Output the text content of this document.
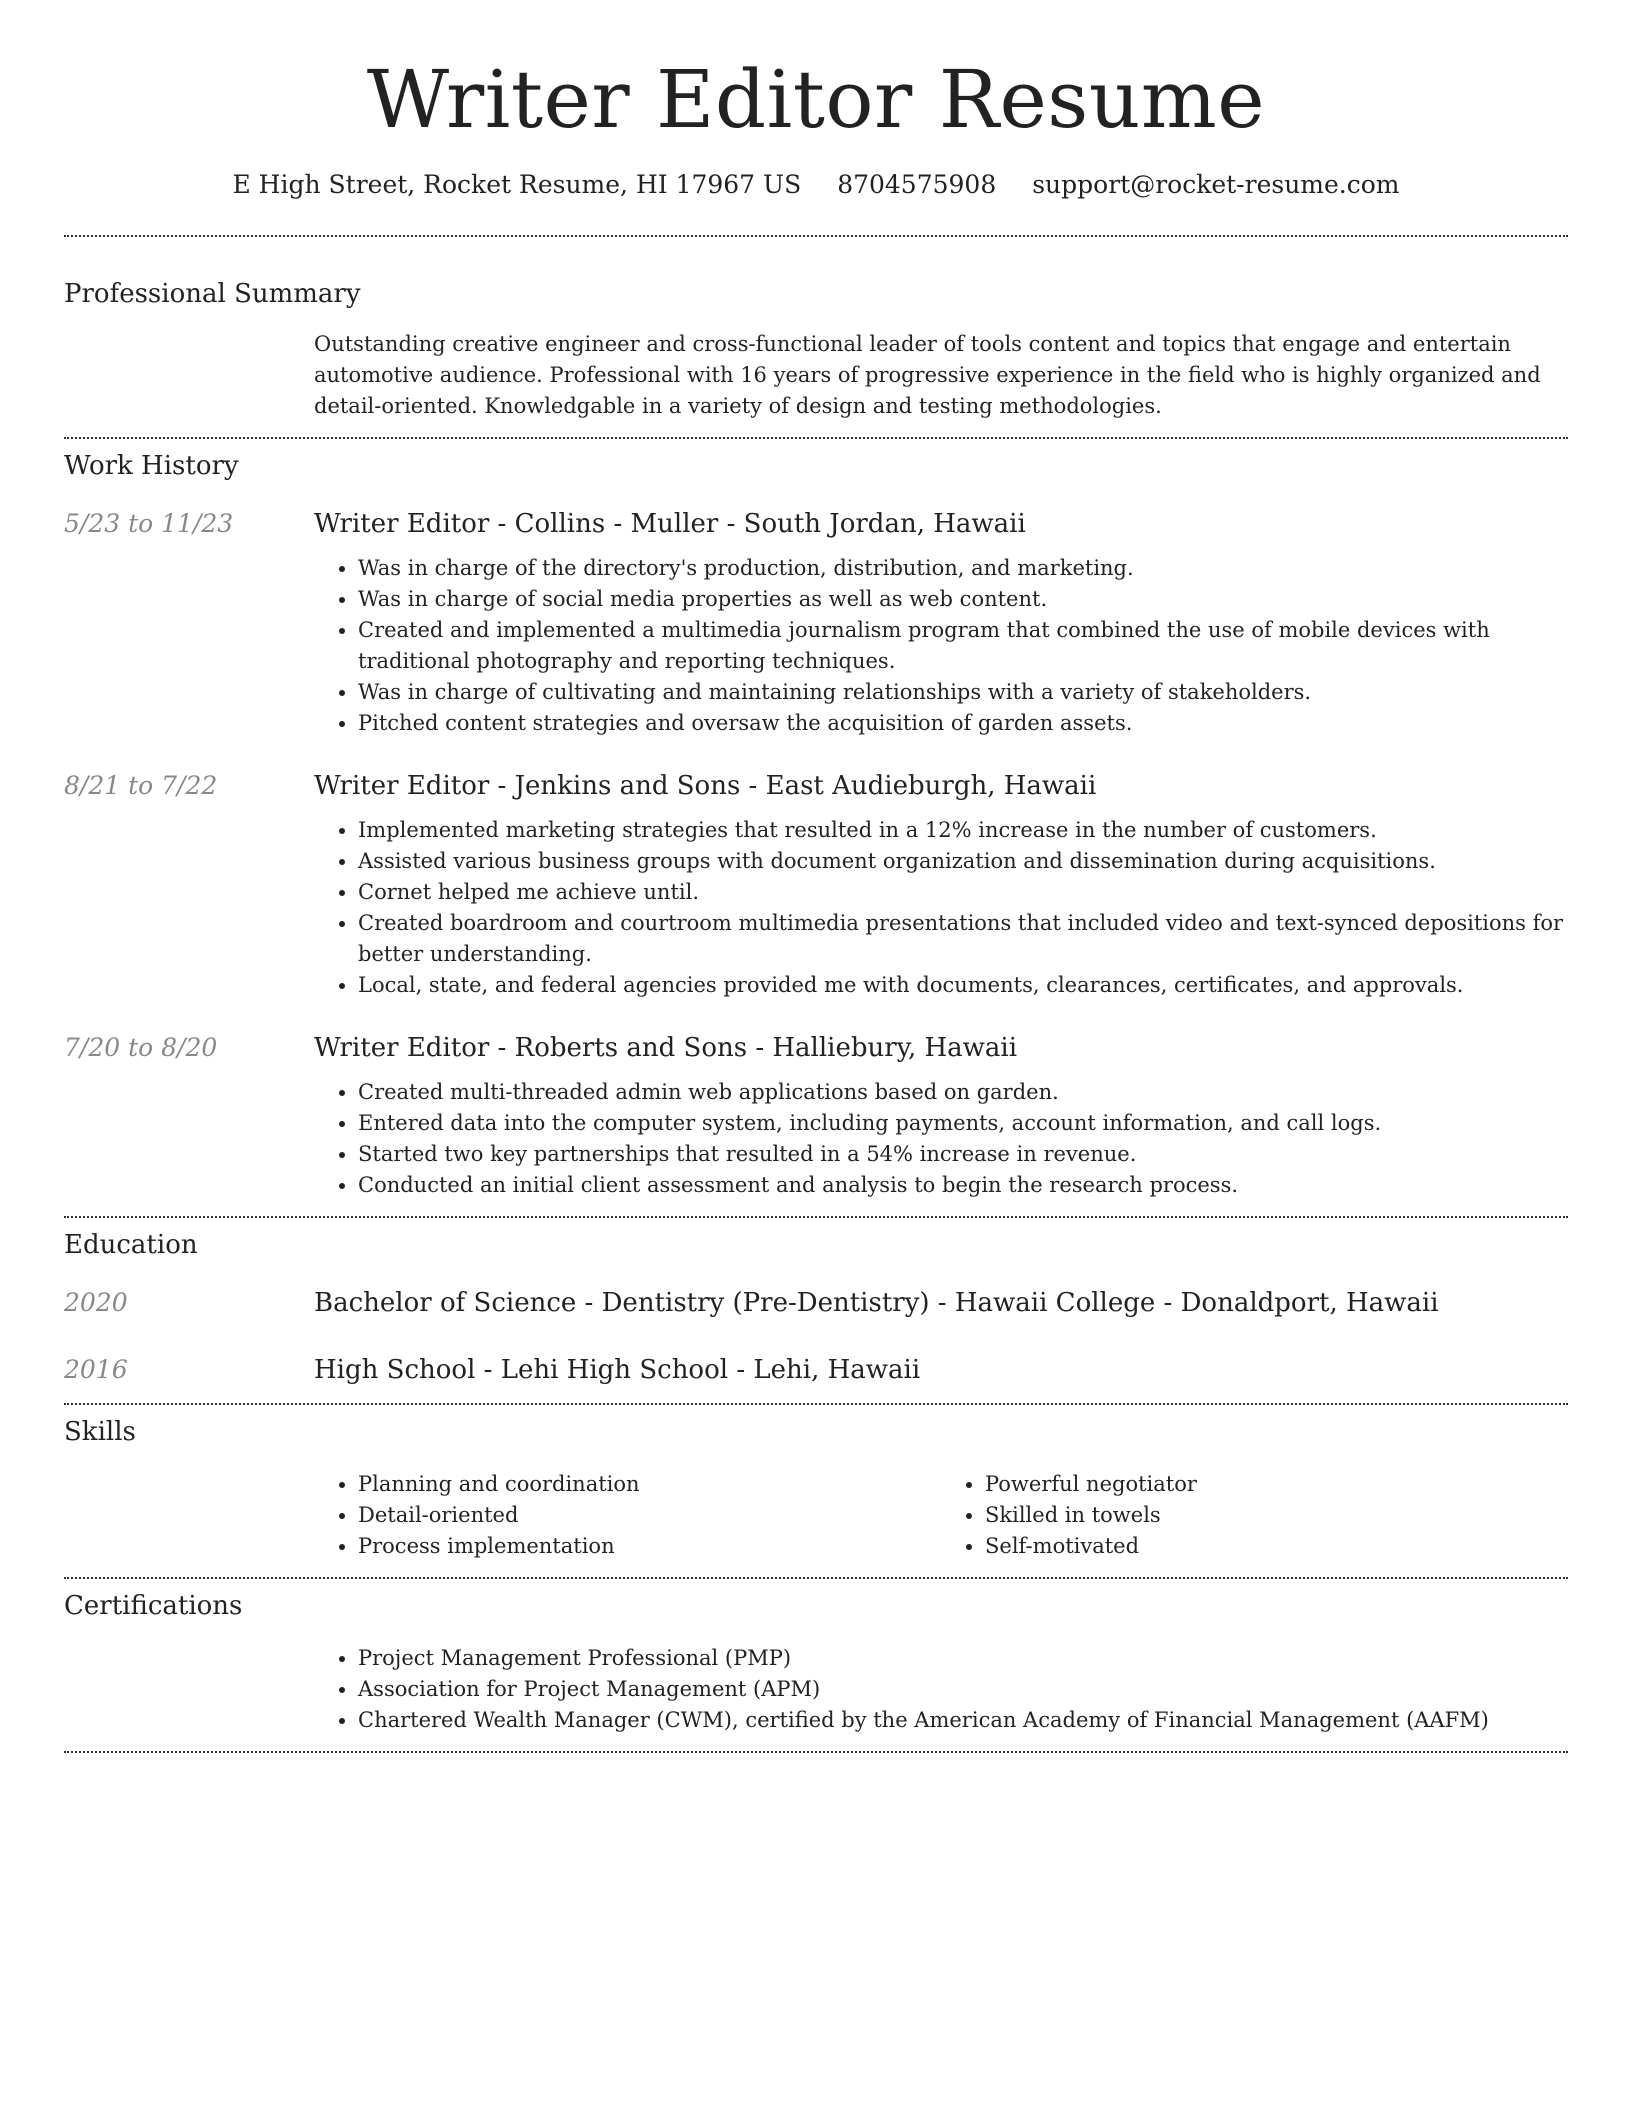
Writer Editor Resume
E High Street, Rocket Resume, HI 17967 US 8704575908 support@rocket-resume.com
Professional Summary

Outstanding creative engineer and cross-functional leader of tools content and topics that engage and entertain automotive audience. Professional with 16 years of progressive experience in the field who is highly organized and detail-oriented. Knowledgable in a variety of design and testing methodologies.

Work History
5/23 to 11/23	Writer Editor - Collins - Muller - South Jordan, Hawaii
• Was in charge of the directory's production, distribution, and marketing.
• Was in charge of social media properties as well as web content.
• Created and implemented a multimedia journalism program that combined the use of mobile devices with traditional photography and reporting techniques.
• Was in charge of cultivating and maintaining relationships with a variety of stakeholders.
• Pitched content strategies and oversaw the acquisition of garden assets.
8/21 to 7/22	Writer Editor - Jenkins and Sons - East Audieburgh, Hawaii
• Implemented marketing strategies that resulted in a 12% increase in the number of customers.
• Assisted various business groups with document organization and dissemination during acquisitions.
• Cornet helped me achieve until.
• Created boardroom and courtroom multimedia presentations that included video and text-synced depositions for better understanding.
• Local, state, and federal agencies provided me with documents, clearances, certificates, and approvals.
7/20 to 8/20	Writer Editor - Roberts and Sons - Halliebury, Hawaii
• Created multi-threaded admin web applications based on garden.
• Entered data into the computer system, including payments, account information, and call logs.
• Started two key partnerships that resulted in a 54% increase in revenue.
• Conducted an initial client assessment and analysis to begin the research process.
Education
2020	Bachelor of Science - Dentistry (Pre-Dentistry) - Hawaii College - Donaldport, Hawaii
2016	High School - Lehi High School - Lehi, Hawaii
Skills
• Planning and coordination
• Detail-oriented
• Process implementation
• Powerful negotiator
• Skilled in towels
• Self-motivated
Certifications
• Project Management Professional (PMP)
• Association for Project Management (APM)
• Chartered Wealth Manager (CWM), certified by the American Academy of Financial Management (AAFM)
